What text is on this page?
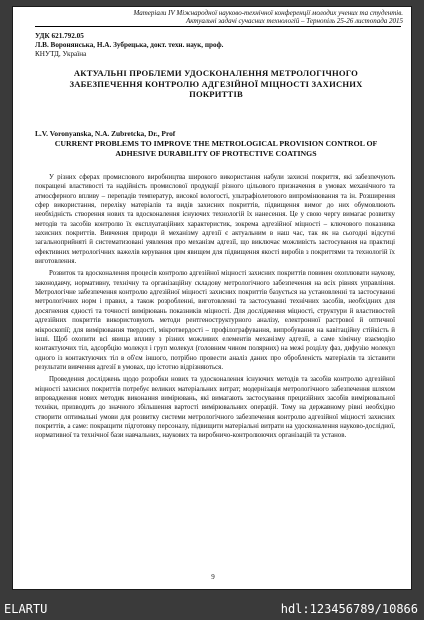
Матеріали IV Міжнародної науково-технічної конференції молодих учених та студентів.
Актуальні задачі сучасних технологій – Тернопіль 25-26 листопада 2015
УДК 621.792.05
Л.В. Воронянська, Н.А. Зубрецька, докт. техн. наук, проф.
КНУТД, Україна
АКТУАЛЬНІ ПРОБЛЕМИ УДОСКОНАЛЕННЯ МЕТРОЛОГІЧНОГО ЗАБЕЗПЕЧЕННЯ КОНТРОЛЮ АДГЕЗІЙНОЇ МІЦНОСТІ ЗАХИСНИХ ПОКРИТТІВ
L.V. Voronyanska, N.A. Zubretcka, Dr., Prof
CURRENT PROBLEMS TO IMPROVE THE METROLOGICAL PROVISION CONTROL OF ADHESIVE DURABILITY OF PROTECTIVE COATINGS

У різних сферах промислового виробництва широкого використання набули захисні покриття, які забезпечують покращені властивості та надійність промислової продукції різного цільового призначення в умовах механічного та атмосферного впливу – перепадів температур, високої вологості, ультрафіолетового випромінювання та ін. Розширення сфер використання, переліку матеріалів та видів захисних покриттів, підвищення вимог до них обумовлюють необхідність створення нових та вдосконалення існуючих технологій їх нанесення. Це у свою чергу вимагає розвитку методів та засобів контролю їх експлуатаційних характеристик, зокрема адгезійної міцності – ключового показника захисних покриттів. Вивчення природи й механізму адгезії є актуальним в наш час, так як на сьогодні відсутні загальноприйняті й систематизовані уявлення про механізм адгезії, що виключає можливість застосування на практиці ефективних метрологічних важелів керування цим явищем для підвищення якості виробів з покриттями та технологій їх виготовлення.

Розвиток та вдосконалення процесів контролю адгезійної міцності захисних покриттів повинен охоплювати наукову, законодавчу, нормативну, технічну та організаційну складову метрологічного забезпечення на всіх рівнях управління. Метрологічне забезпечення контролю адгезійної міцності захисних покриттів базується на установленні та застосуванні метрологічних норм і правил, а також розробленні, виготовленні та застосуванні технічних засобів, необхідних для досягнення єдності та точності вимірювань показників міцності. Для дослідження міцності, структури й властивостей адгезійних покриттів використовують методи рентгеноструктурного аналізу, електронної растрової й оптичної мікроскопії; для вимірювання твердості, мікротвердості – профілографування, випробування на кавітаційну стійкість й інші. Щоб охопити всі явища впливу з різних можливих елементів механізму адгезії, а саме хімічну взаємодію контактуючих тіл, адсорбцію молекул і груп молекул (головним чином полярних) на межі розділу фаз, дифузію молекул одного із контактуючих тіл в об'єм іншого, потрібно провести аналіз даних про обробленість матеріалів та зіставити результати вивчення адгезії в умовах, що істотно відрізняються.

Проведення досліджень щодо розробки нових та удосконалення існуючих методів та засобів контролю адгезійної міцності захисних покриттів потребує великих матеріальних витрат; модернізація метрологічного забезпечення шляхом впровадження нових методик виконання вимірювань, які вимагають застосування прецизійних засобів вимірювальної техніки, призводить до значного збільшення вартості вимірювальних операцій. Тому на державному рівні необхідно створити оптимальні умови для розвитку системи метрологічного забезпечення контролю адгезійної міцності захисних покриттів, а саме: покращити підготовку персоналу, підвищити матеріальні витрати на удосконалення науково-дослідної, нормативної та технічної бази навчальних, наукових та виробничо-контролюючих організацій та установ.

9
ELARTU	hdl:123456789/10866
